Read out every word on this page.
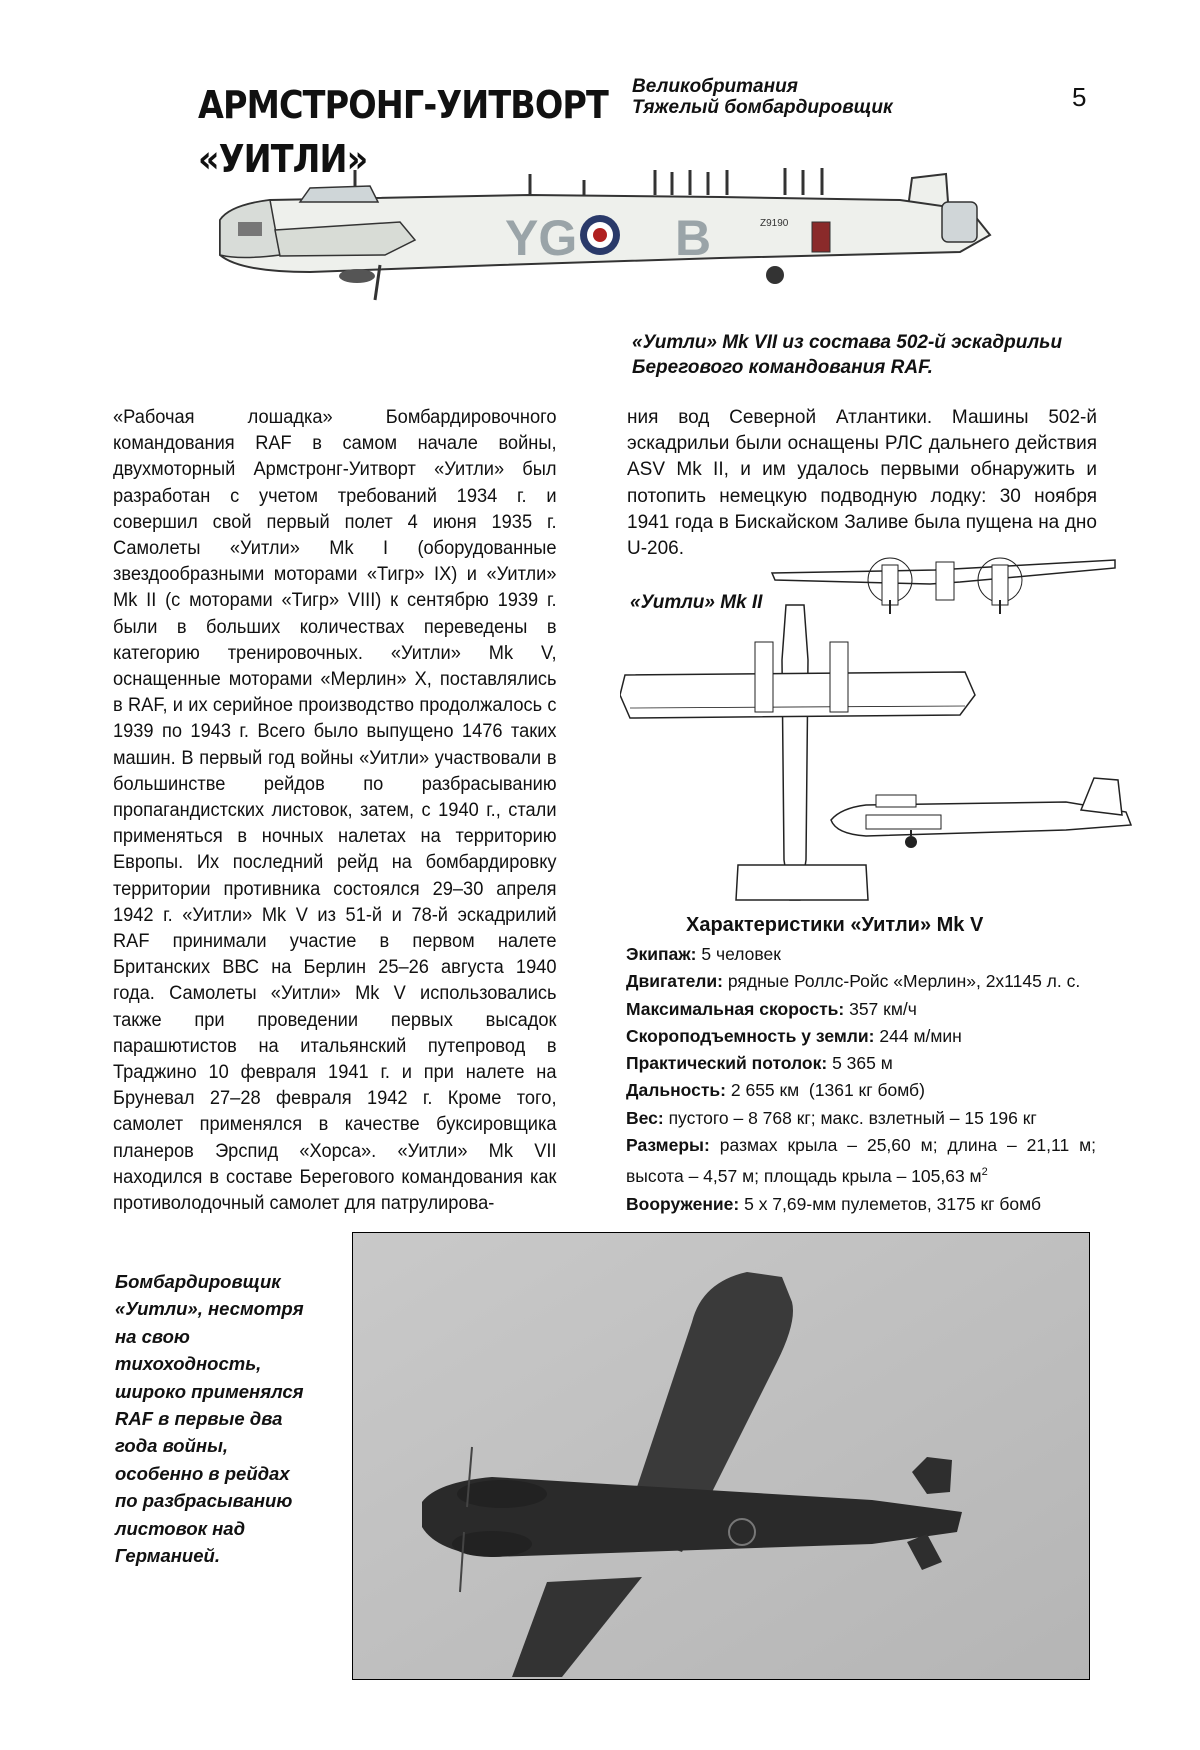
АРМСТРОНГ-УИТВОРТ
«УИТЛИ»
Великобритания
Тяжелый бомбардировщик	5
YG B	Z9190
«Уитли» Mk VII из состава 502-й эскадрильи
Берегового командования RAF.
«Рабочая лошадка» Бомбардировочного командования RAF в самом начале войны, двухмоторный Армстронг-Уитворт «Уитли» был разработан с учетом требований 1934 г. и совершил свой первый полет 4 июня 1935 г. Самолеты «Уитли» Mk I (оборудованные звездообразными моторами «Тигр» IX) и «Уитли» Mk II (с моторами «Тигр» VIII) к сентябрю 1939 г. были в больших количествах переведены в категорию тренировочных. «Уитли» Mk V, оснащенные моторами «Мерлин» X, поставлялись в RAF, и их серийное производство продолжалось с 1939 по 1943 г. Всего было выпущено 1476 таких машин. В первый год войны «Уитли» участвовали в большинстве рейдов по разбрасыванию пропагандистских листовок, затем, с 1940 г., стали применяться в ночных налетах на территорию Европы. Их последний рейд на бомбардировку территории противника состоялся 29–30 апреля 1942 г. «Уитли» Mk V из 51-й и 78-й эскадрилий RAF принимали участие в первом налете Британских ВВС на Берлин 25–26 августа 1940 года. Самолеты «Уитли» Mk V использовались также при проведении первых высадок парашютистов на итальянский путепровод в Траджино 10 февраля 1941 г. и при налете на Бруневал 27–28 февраля 1942 г. Кроме того, самолет применялся в качестве буксировщика планеров Эрспид «Хорса». «Уитли» Mk VII находился в составе Берегового командования как противолодочный самолет для патрулирова-
ния вод Северной Атлантики. Машины 502-й эскадрильи были оснащены РЛС дальнего действия ASV Mk II, и им удалось первыми обнаружить и потопить немецкую подводную лодку: 30 ноября 1941 года в Бискайском Заливе была пущена на дно U-206.
«Уитли» Mk II
Характеристики «Уитли» Mk V
Экипаж: 5 человек
Двигатели: рядные Роллс-Ройс «Мерлин», 2x1145 л. с.
Максимальная скорость: 357 км/ч
Скороподъемность у земли: 244 м/мин
Практический потолок: 5 365 м
Дальность: 2 655 км  (1361 кг бомб)
Вес: пустого – 8 768 кг; макс. взлетный – 15 196 кг
Размеры: размах крыла – 25,60 м; длина – 21,11 м; высота – 4,57 м; площадь крыла – 105,63 $м^2$
Вооружение: 5 х 7,69-мм пулеметов, 3175 кг бомб
Бомбардировщик «Уитли», несмотря на свою тихоходность, широко применялся RAF в первые два года войны, особенно в рейдах по разбрасыванию листовок над Германией.
